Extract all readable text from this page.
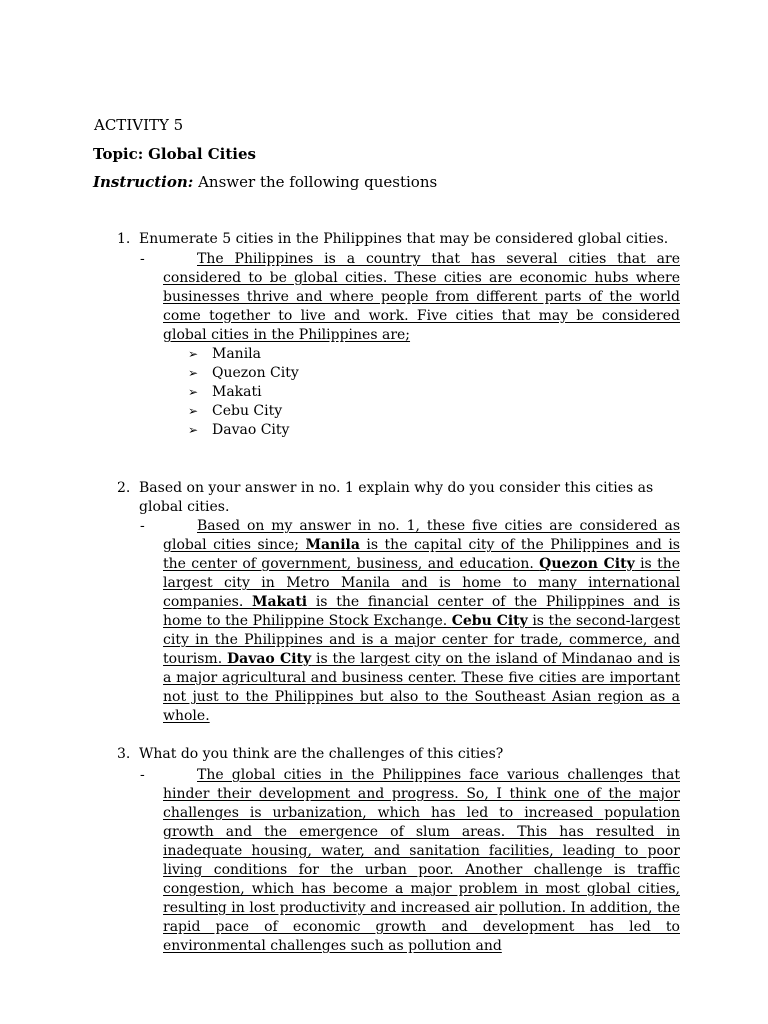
ACTIVITY 5
Topic: Global Cities
Instruction: Answer the following questions
1. Enumerate 5 cities in the Philippines that may be considered global cities.
-	The Philippines is a country that has several cities that are considered to be global cities. These cities are economic hubs where businesses thrive and where people from different parts of the world come together to live and work. Five cities that may be considered global cities in the Philippines are;
➢ Manila
➢ Quezon City
➢ Makati
➢ Cebu City
➢ Davao City
2. Based on your answer in no. 1 explain why do you consider this cities as global cities.
-	Based on my answer in no. 1, these five cities are considered as global cities since; Manila is the capital city of the Philippines and is the center of government, business, and education. Quezon City is the largest city in Metro Manila and is home to many international companies. Makati is the financial center of the Philippines and is home to the Philippine Stock Exchange. Cebu City is the second-largest city in the Philippines and is a major center for trade, commerce, and tourism. Davao City is the largest city on the island of Mindanao and is a major agricultural and business center. These five cities are important not just to the Philippines but also to the Southeast Asian region as a whole.
3. What do you think are the challenges of this cities?
-	The global cities in the Philippines face various challenges that hinder their development and progress. So, I think one of the major challenges is urbanization, which has led to increased population growth and the emergence of slum areas. This has resulted in inadequate housing, water, and sanitation facilities, leading to poor living conditions for the urban poor. Another challenge is traffic congestion, which has become a major problem in most global cities, resulting in lost productivity and increased air pollution. In addition, the rapid pace of economic growth and development has led to environmental challenges such as pollution and
